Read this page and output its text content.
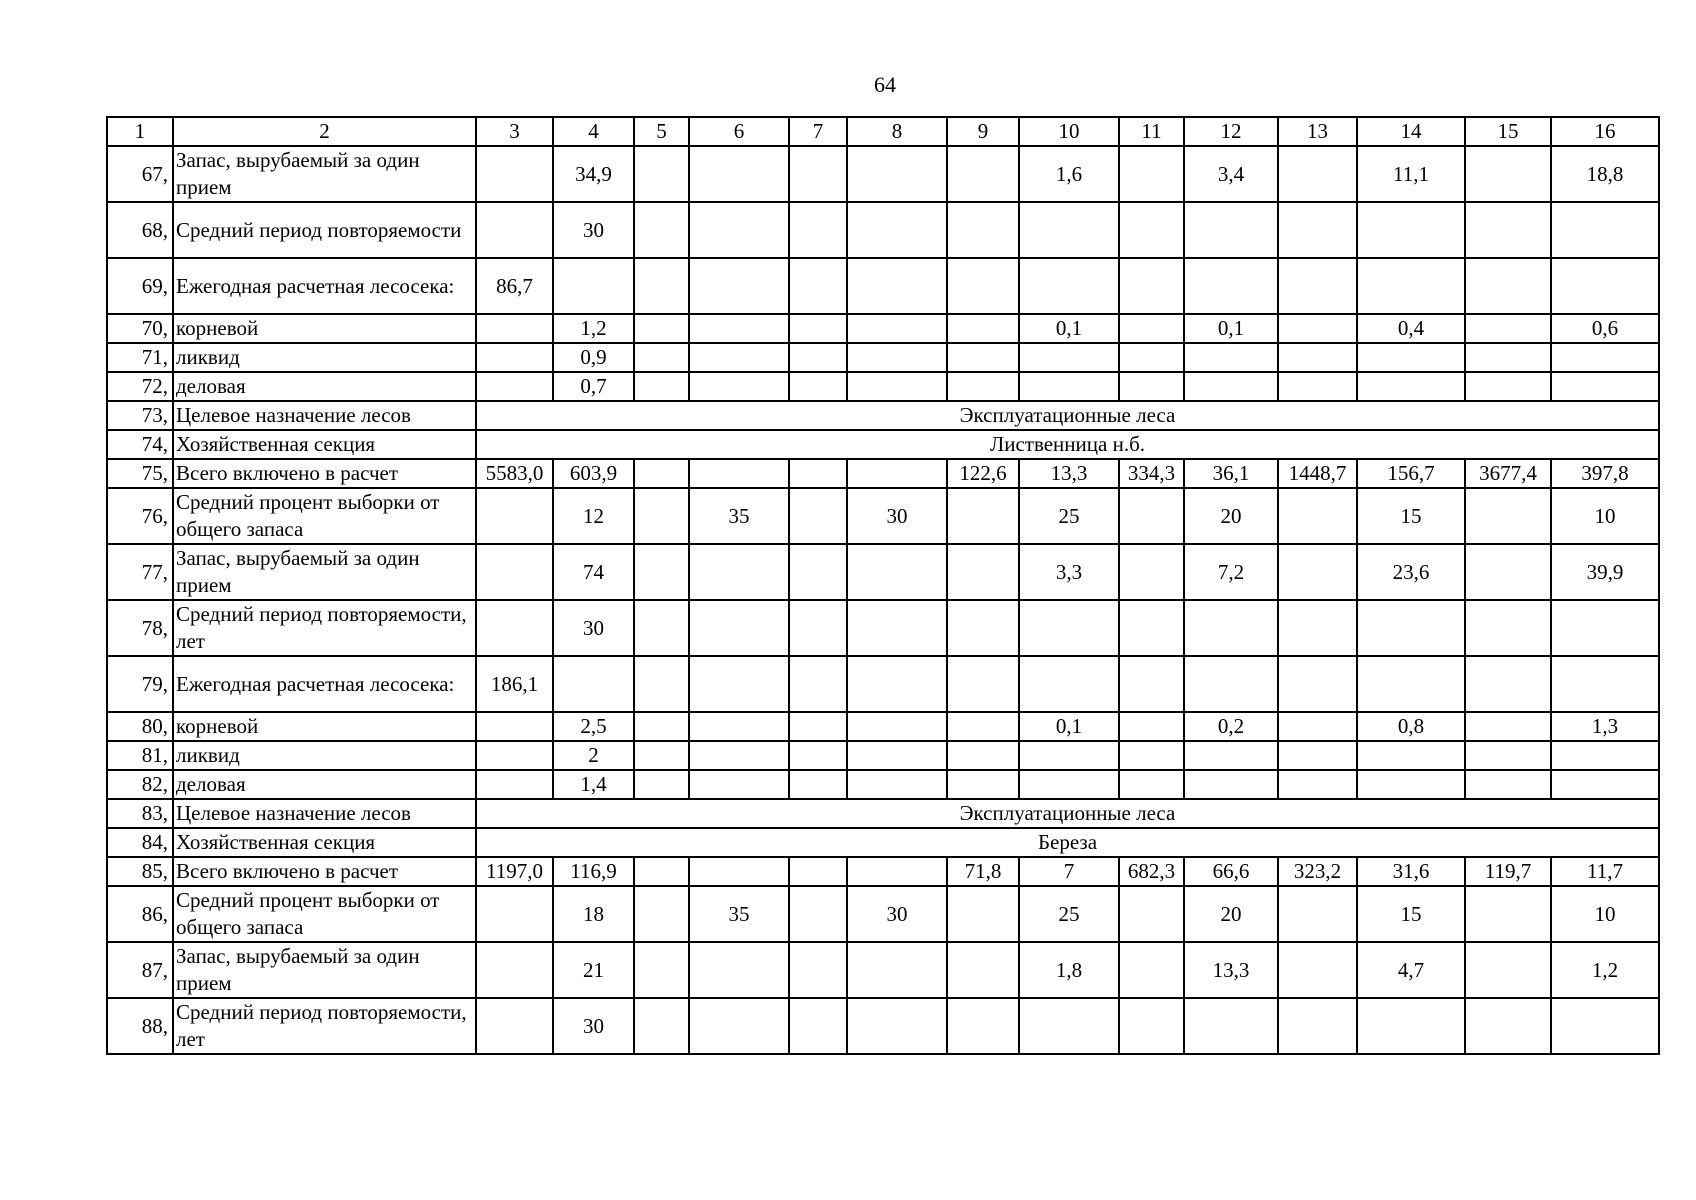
64
1	2	3	4	5	6	7	8	9	10	11	12	13	14	15	16
67,	Запас, вырубаемый за один прием		34,9						1,6		3,4		11,1		18,8
68,	Средний период повторяемости		30												
69,	Ежегодная расчетная лесосека:	86,7													
70,	корневой		1,2						0,1		0,1		0,4		0,6
71,	ликвид		0,9												
72,	деловая		0,7												
73,	Целевое назначение лесов	Эксплуатационные леса													
74,	Хозяйственная секция	Лиственница н.б.													
75,	Всего включено в расчет	5583,0	603,9					122,6	13,3	334,3	36,1	1448,7	156,7	3677,4	397,8
76,	Средний процент выборки от общего запаса		12		35		30		25		20		15		10
77,	Запас, вырубаемый за один прием		74						3,3		7,2		23,6		39,9
78,	Средний период повторяемости, лет		30												
79,	Ежегодная расчетная лесосека:	186,1													
80,	корневой		2,5						0,1		0,2		0,8		1,3
81,	ликвид		2												
82,	деловая		1,4												
83,	Целевое назначение лесов	Эксплуатационные леса													
84,	Хозяйственная секция	Береза													
85,	Всего включено в расчет	1197,0	116,9					71,8	7	682,3	66,6	323,2	31,6	119,7	11,7
86,	Средний процент выборки от общего запаса		18		35		30		25		20		15		10
87,	Запас, вырубаемый за один прием		21						1,8		13,3		4,7		1,2
88,	Средний период повторяемости, лет		30												
